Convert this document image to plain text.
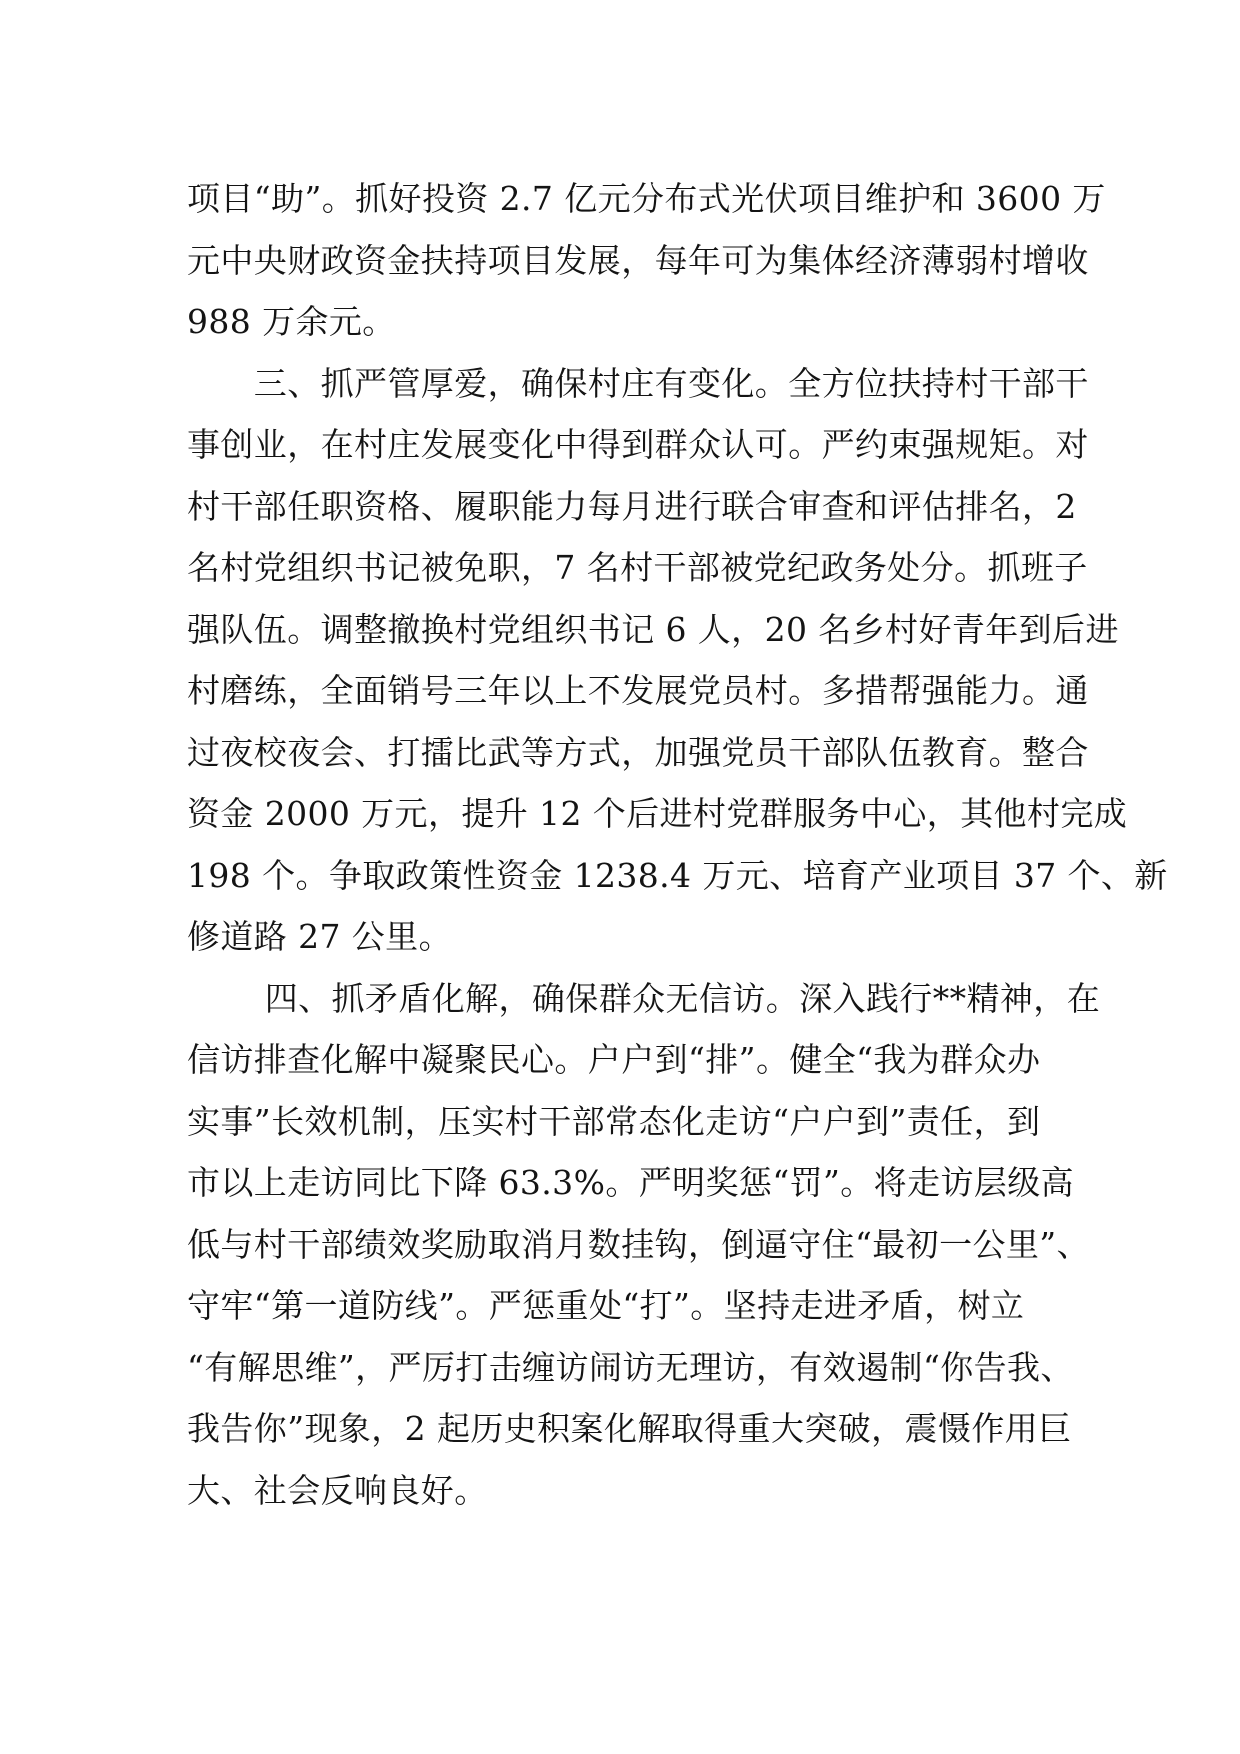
项目“助”。抓好投资 2.7 亿元分布式光伏项目维护和 3600 万
元中央财政资金扶持项目发展，每年可为集体经济薄弱村增收
988 万余元。
　　三、抓严管厚爱，确保村庄有变化。全方位扶持村干部干
事创业，在村庄发展变化中得到群众认可。严约束强规矩。对
村干部任职资格、履职能力每月进行联合审查和评估排名，2
名村党组织书记被免职，7 名村干部被党纪政务处分。抓班子
强队伍。调整撤换村党组织书记 6 人，20 名乡村好青年到后进
村磨练，全面销号三年以上不发展党员村。多措帮强能力。通
过夜校夜会、打擂比武等方式，加强党员干部队伍教育。整合
资金 2000 万元，提升 12 个后进村党群服务中心，其他村完成
198 个。争取政策性资金 1238.4 万元、培育产业项目 37 个、新
修道路 27 公里。
　　 四、抓矛盾化解，确保群众无信访。深入践行**精神，在
信访排查化解中凝聚民心。户户到“排”。健全“我为群众办
实事”长效机制，压实村干部常态化走访“户户到”责任，到
市以上走访同比下降 63.3%。严明奖惩“罚”。将走访层级高
低与村干部绩效奖励取消月数挂钩，倒逼守住“最初一公里”、
守牢“第一道防线”。严惩重处“打”。坚持走进矛盾，树立
“有解思维”，严厉打击缠访闹访无理访，有效遏制“你告我、
我告你”现象，2 起历史积案化解取得重大突破，震慑作用巨
大、社会反响良好。
